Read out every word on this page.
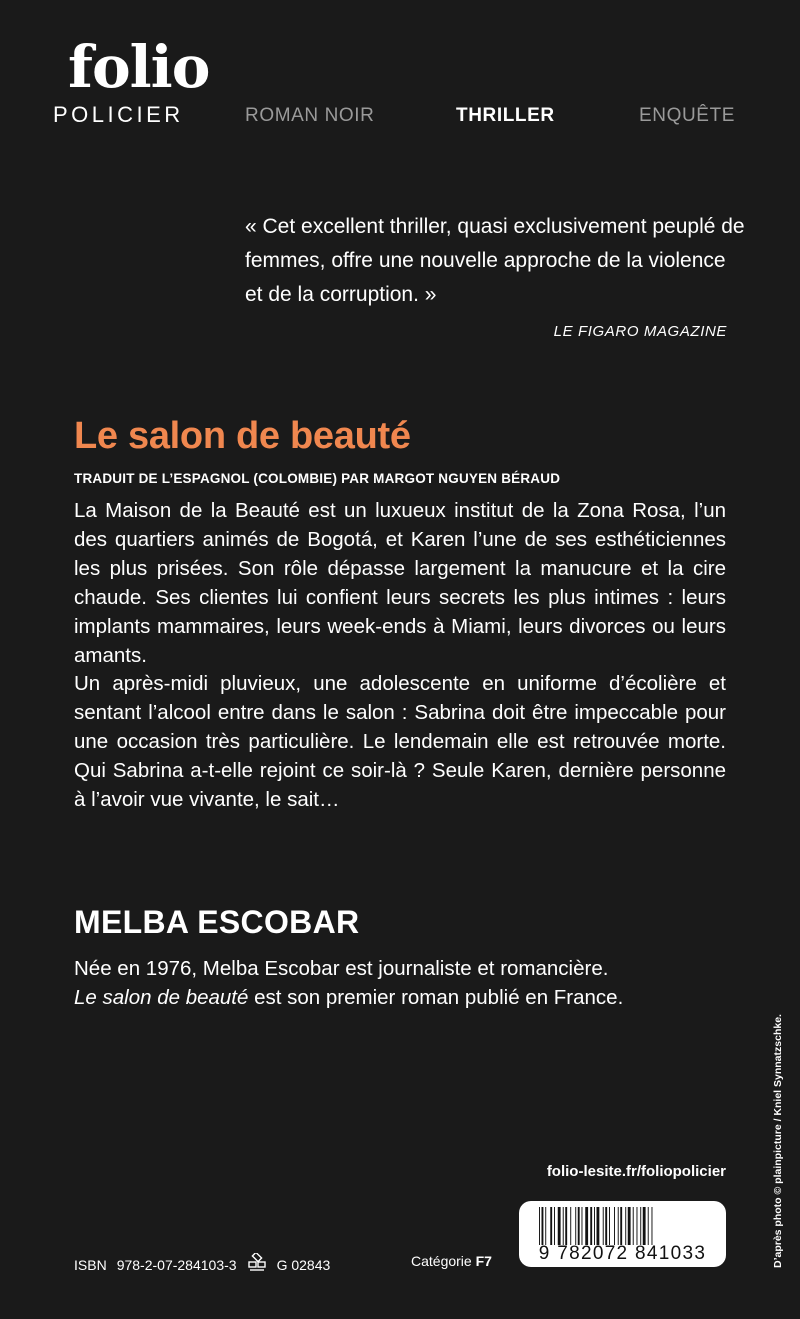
folio
POLICIER	ROMAN NOIR	THRILLER	ENQUÊTE
« Cet excellent thriller, quasi exclusivement peuplé de femmes, offre une nouvelle approche de la violence et de la corruption. »
LE FIGARO MAGAZINE
Le salon de beauté
TRADUIT DE L’ESPAGNOL (COLOMBIE) PAR MARGOT NGUYEN BÉRAUD

La Maison de la Beauté est un luxueux institut de la Zona Rosa, l’un des quartiers animés de Bogotá, et Karen l’une de ses esthéticiennes les plus prisées. Son rôle dépasse largement la manucure et la cire chaude. Ses clientes lui confient leurs secrets les plus intimes : leurs implants mammaires, leurs week-ends à Miami, leurs divorces ou leurs amants.

Un après-midi pluvieux, une adolescente en uniforme d’écolière et sentant l’alcool entre dans le salon : Sabrina doit être impeccable pour une occasion très particulière. Le lendemain elle est retrouvée morte. Qui Sabrina a-t-elle rejoint ce soir-là ? Seule Karen, dernière personne à l’avoir vue vivante, le sait…

MELBA ESCOBAR

Née en 1976, Melba Escobar est journaliste et romancière.

Le salon de beauté est son premier roman publié en France.

folio-lesite.fr/foliopolicier
ISBN 978-2-07-284103-3	G 02843	Catégorie F7	9 782072 841033	D’après photo © plainpicture / Kniel Synnatzschke.
